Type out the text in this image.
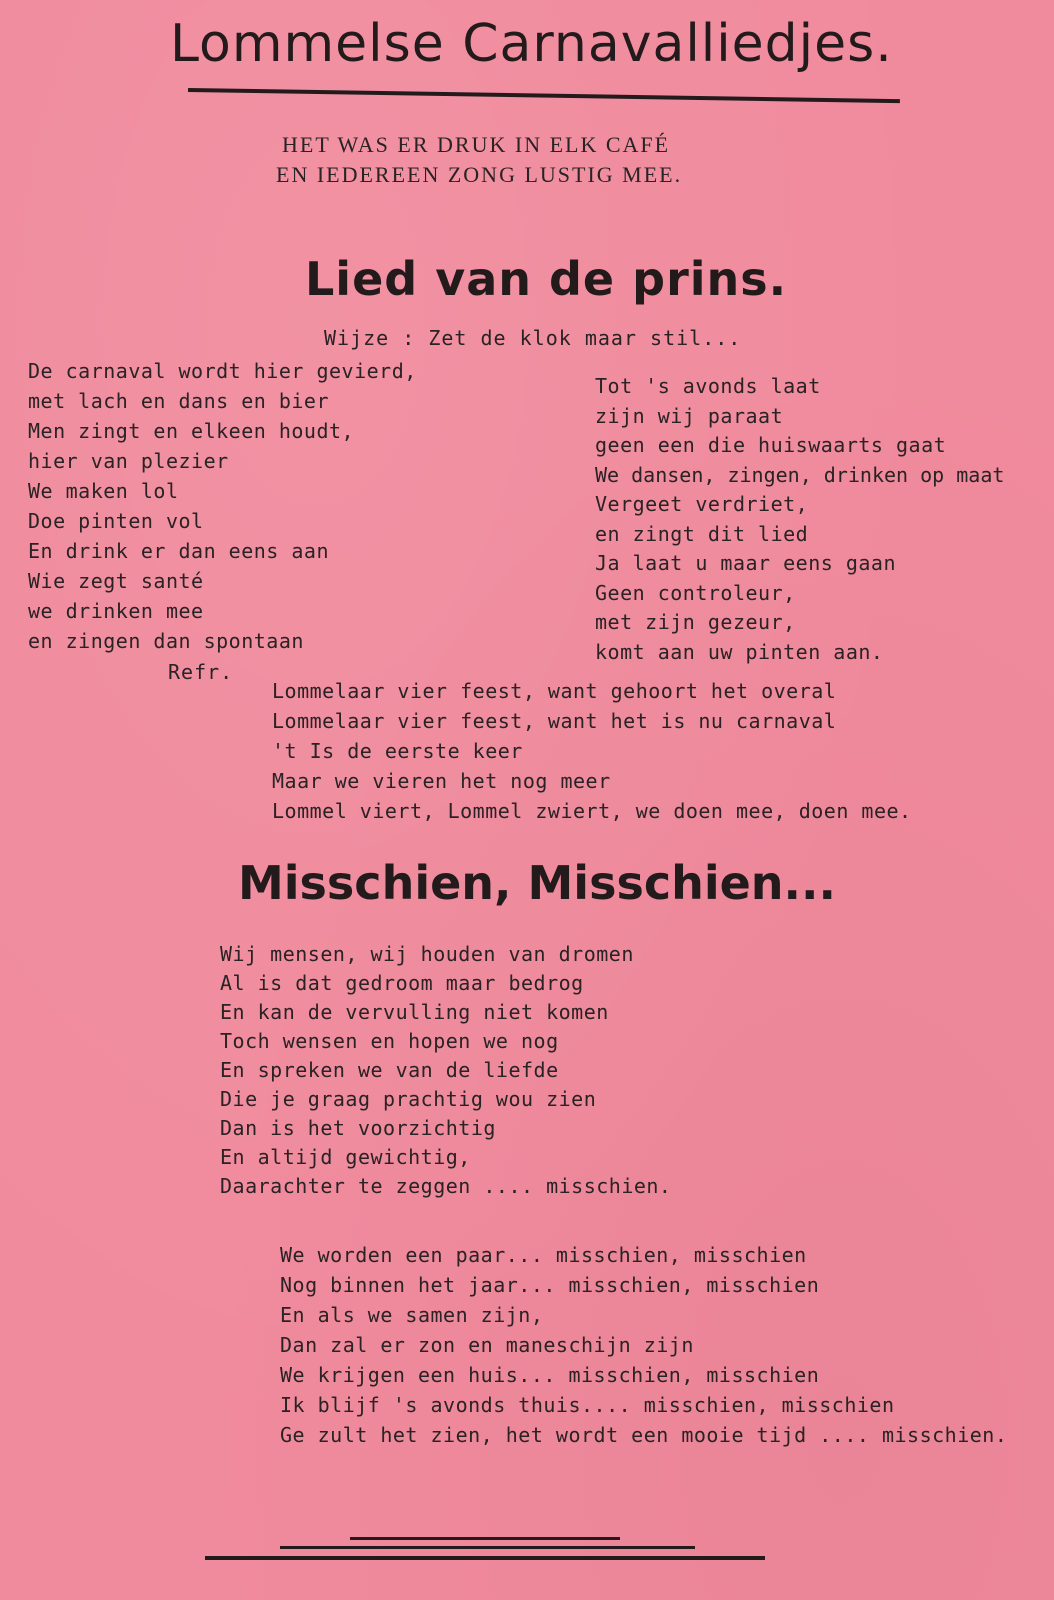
Lommelse Carnavalliedjes.
HET WAS ER DRUK IN ELK CAFÉ
EN IEDEREEN ZONG LUSTIG MEE.
Lied van de prins.
Wijze : Zet de klok maar stil...
De carnaval wordt hier gevierd,
met lach en dans en bier
Men zingt en elkeen houdt,
hier van plezier
We maken lol
Doe pinten vol
En drink er dan eens aan
Wie zegt santé
we drinken mee
en zingen dan spontaan
Tot 's avonds laat
zijn wij paraat
geen een die huiswaarts gaat
We dansen, zingen, drinken op maat
Vergeet verdriet,
en zingt dit lied
Ja laat u maar eens gaan
Geen controleur,
met zijn gezeur,
komt aan uw pinten aan.
Refr.
Lommelaar vier feest, want gehoort het overal
Lommelaar vier feest, want het is nu carnaval
't Is de eerste keer
Maar we vieren het nog meer
Lommel viert, Lommel zwiert, we doen mee, doen mee.
Misschien, Misschien...
Wij mensen, wij houden van dromen
Al is dat gedroom maar bedrog
En kan de vervulling niet komen
Toch wensen en hopen we nog
En spreken we van de liefde
Die je graag prachtig wou zien
Dan is het voorzichtig
En altijd gewichtig,
Daarachter te zeggen .... misschien.
We worden een paar... misschien, misschien
Nog binnen het jaar... misschien, misschien
En als we samen zijn,
Dan zal er zon en maneschijn zijn
We krijgen een huis... misschien, misschien
Ik blijf 's avonds thuis.... misschien, misschien
Ge zult het zien, het wordt een mooie tijd .... misschien.
